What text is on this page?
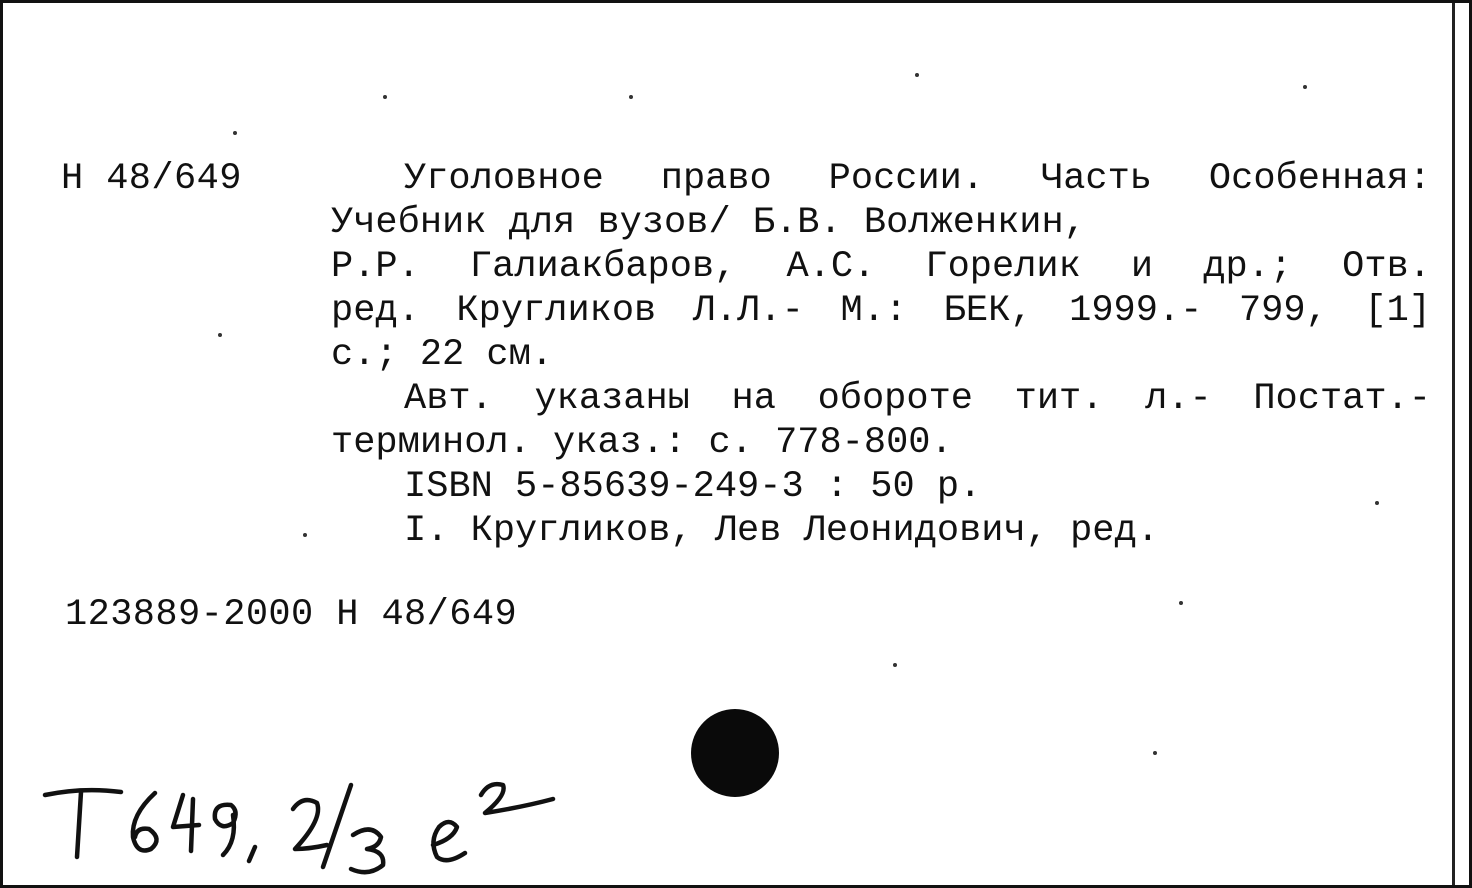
Н 48/649	Уголовное право России. Часть Особенная:
Учебник для вузов/ Б.В. Волженкин,
Р.Р. Галиакбаров, А.С. Горелик и др.; Отв.
ред. Кругликов Л.Л.- М.: БЕК, 1999.- 799, [1]
с.; 22 см.
Авт. указаны на обороте тит. л.- Постат.-
терминол. указ.: с. 778-800.
ISBN 5-85639-249-3 : 50 р.
I. Кругликов, Лев Леонидович, ред.

123889-2000 Н 48/649
